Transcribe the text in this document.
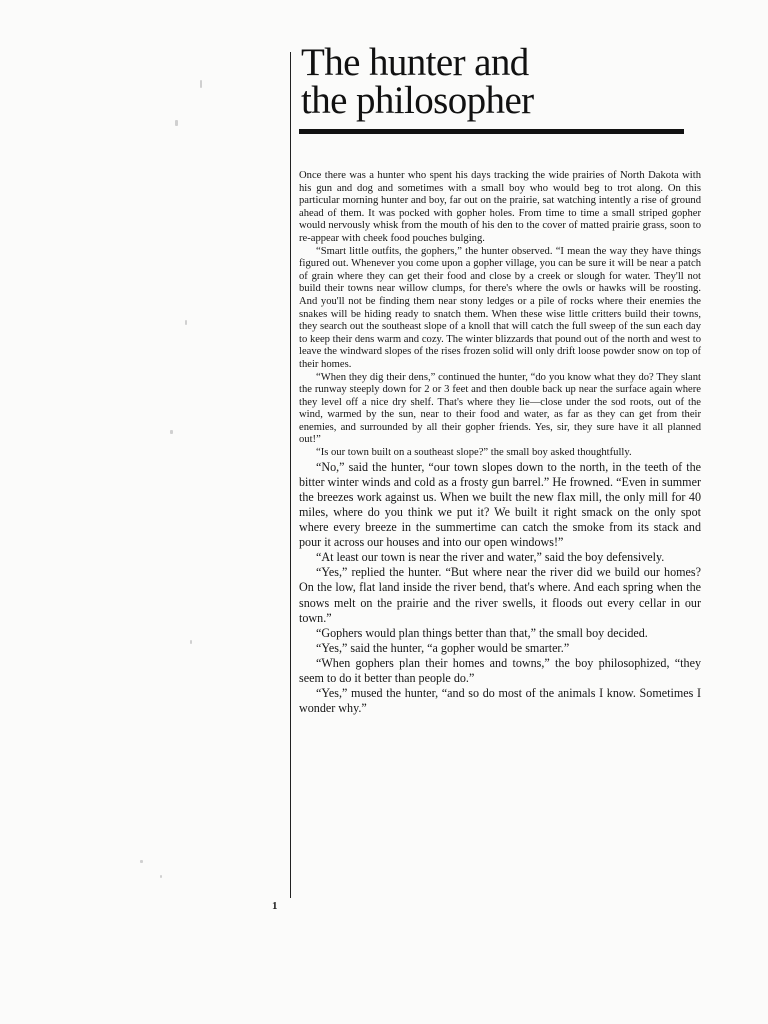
The hunter and
the philosopher

Once there was a hunter who spent his days tracking the wide prairies of North Dakota with his gun and dog and sometimes with a small boy who would beg to trot along. On this particular morning hunter and boy, far out on the prairie, sat watching intently a rise of ground ahead of them. It was pocked with gopher holes. From time to time a small striped gopher would nervously whisk from the mouth of his den to the cover of matted prairie grass, soon to re-appear with cheek food pouches bulging.

“Smart little outfits, the gophers,” the hunter observed. “I mean the way they have things figured out. Whenever you come upon a gopher village, you can be sure it will be near a patch of grain where they can get their food and close by a creek or slough for water. They'll not build their towns near willow clumps, for there's where the owls or hawks will be roosting. And you'll not be finding them near stony ledges or a pile of rocks where their enemies the snakes will be hiding ready to snatch them. When these wise little critters build their towns, they search out the southeast slope of a knoll that will catch the full sweep of the sun each day to keep their dens warm and cozy. The winter blizzards that pound out of the north and west to leave the windward slopes of the rises frozen solid will only drift loose powder snow on top of their homes.

“When they dig their dens,” continued the hunter, “do you know what they do? They slant the runway steeply down for 2 or 3 feet and then double back up near the surface again where they level off a nice dry shelf. That's where they lie—close under the sod roots, out of the wind, warmed by the sun, near to their food and water, as far as they can get from their enemies, and surrounded by all their gopher friends. Yes, sir, they sure have it all planned out!”

“Is our town built on a southeast slope?” the small boy asked thoughtfully.

“No,” said the hunter, “our town slopes down to the north, in the teeth of the bitter winter winds and cold as a frosty gun barrel.” He frowned. “Even in summer the breezes work against us. When we built the new flax mill, the only mill for 40 miles, where do you think we put it? We built it right smack on the only spot where every breeze in the summertime can catch the smoke from its stack and pour it across our houses and into our open windows!”

“At least our town is near the river and water,” said the boy defensively.

“Yes,” replied the hunter. “But where near the river did we build our homes? On the low, flat land inside the river bend, that's where. And each spring when the snows melt on the prairie and the river swells, it floods out every cellar in our town.”

“Gophers would plan things better than that,” the small boy decided.

“Yes,” said the hunter, “a gopher would be smarter.”

“When gophers plan their homes and towns,” the boy philosophized, “they seem to do it better than people do.”

“Yes,” mused the hunter, “and so do most of the animals I know. Sometimes I wonder why.”

1
